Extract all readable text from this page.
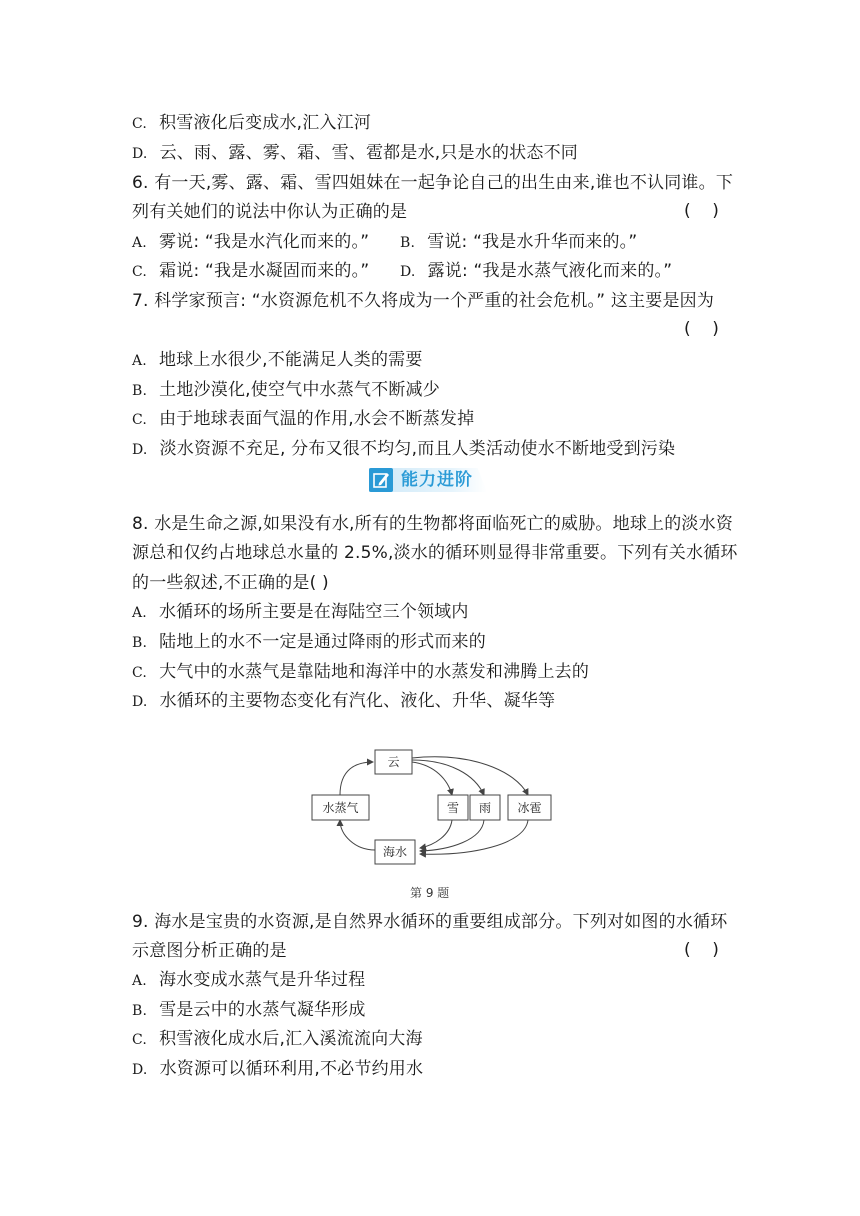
C. 积雪液化后变成水,汇入江河
D. 云、雨、露、雾、霜、雪、雹都是水,只是水的状态不同
6. 有一天,雾、露、霜、雪四姐妹在一起争论自己的出生由来,谁也不认同谁。下
列有关她们的说法中你认为正确的是	(    )
A. 雾说: “我是水汽化而来的。” B. 雪说: “我是水升华而来的。”
C. 霜说: “我是水凝固而来的。” D. 露说: “我是水蒸气液化而来的。”
7. 科学家预言: “水资源危机不久将成为一个严重的社会危机。” 这主要是因为
(    )
A. 地球上水很少,不能满足人类的需要
B. 土地沙漠化,使空气中水蒸气不断减少
C. 由于地球表面气温的作用,水会不断蒸发掉
D. 淡水资源不充足, 分布又很不均匀,而且人类活动使水不断地受到污染
能力进阶
8. 水是生命之源,如果没有水,所有的生物都将面临死亡的威胁。地球上的淡水资
源总和仅约占地球总水量的 2.5%,淡水的循环则显得非常重要。下列有关水循环
的一些叙述,不正确的是( )
A. 水循环的场所主要是在海陆空三个领域内
B. 陆地上的水不一定是通过降雨的形式而来的
C. 大气中的水蒸气是靠陆地和海洋中的水蒸发和沸腾上去的
D. 水循环的主要物态变化有汽化、液化、升华、凝华等
云
水蒸气	雪 雨 冰雹
海水
第 9 题
9. 海水是宝贵的水资源,是自然界水循环的重要组成部分。下列对如图的水循环
示意图分析正确的是	(    )
A. 海水变成水蒸气是升华过程
B. 雪是云中的水蒸气凝华形成
C. 积雪液化成水后,汇入溪流流向大海
D. 水资源可以循环利用,不必节约用水
